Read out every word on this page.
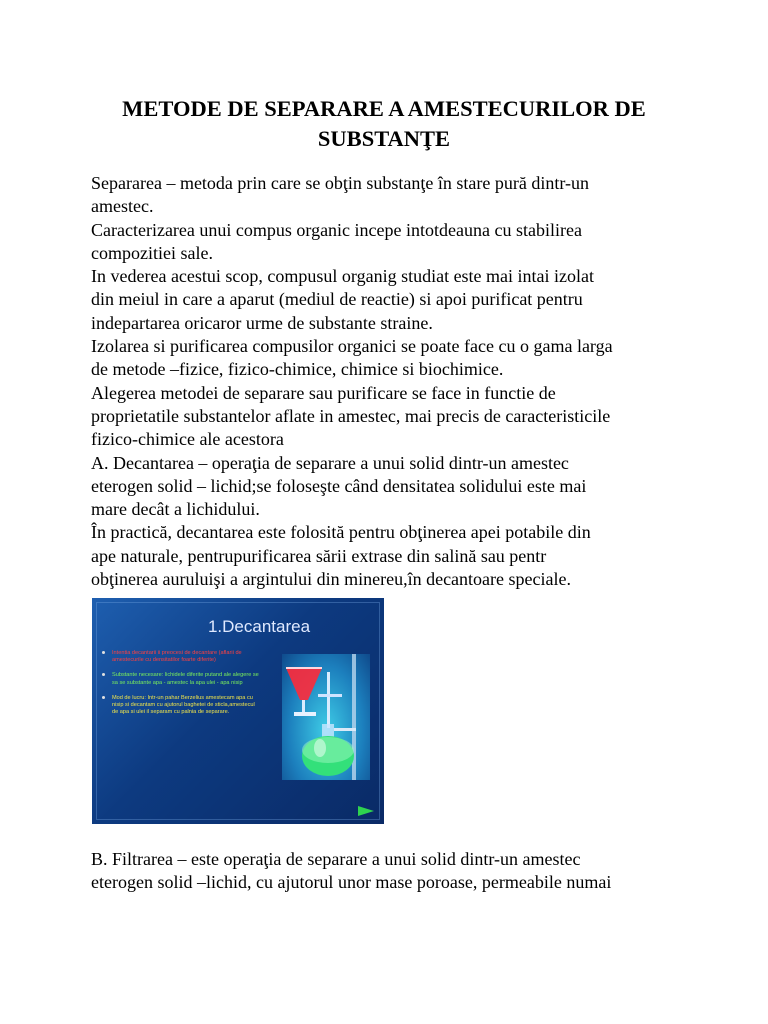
METODE DE SEPARARE A AMESTECURILOR DE
SUBSTANŢE

Separarea – metoda prin care se obţin substanţe în stare pură dintr-un

amestec.

Caracterizarea unui compus organic incepe intotdeauna cu stabilirea

compozitiei sale.

In vederea acestui scop, compusul organig studiat este mai intai izolat

din meiul in care a aparut (mediul de reactie) si apoi purificat pentru

indepartarea oricaror urme de substante straine.

Izolarea si purificarea compusilor organici se poate face cu o gama larga

de metode –fizice, fizico-chimice, chimice si biochimice.

Alegerea metodei de separare sau purificare se face in functie de

proprietatile substantelor aflate in amestec, mai precis de caracteristicile

fizico-chimice ale acestora

A. Decantarea – operaţia de separare a unui solid dintr-un amestec

eterogen solid – lichid;se foloseşte când densitatea solidului este mai

mare decât a lichidului.

În practică, decantarea este folosită pentru obţinerea apei potabile din

ape naturale, pentrupurificarea sării extrase din salină sau pentr

obţinerea auruluişi a argintului din minereu,în decantoare speciale.

1.Decantarea
Intentia decantarii ii preocesi de decantare (aflarii de amestecurile cu densitatilor foarte diferite)
Substante necesare: lichidele diferite putand ale alegere se sa se substante apa - amestec la apa ulei - apa nisip
Mod de lucru: Intr-un pahar Berzelius amestecam apa cu nisip si decantam cu ajutorul baghetei de sticla,amestecul de apa si ulei il separam cu palnia de separare.

B. Filtrarea – este operaţia de separare a unui solid dintr-un amestec

eterogen solid –lichid, cu ajutorul unor mase poroase, permeabile numai
